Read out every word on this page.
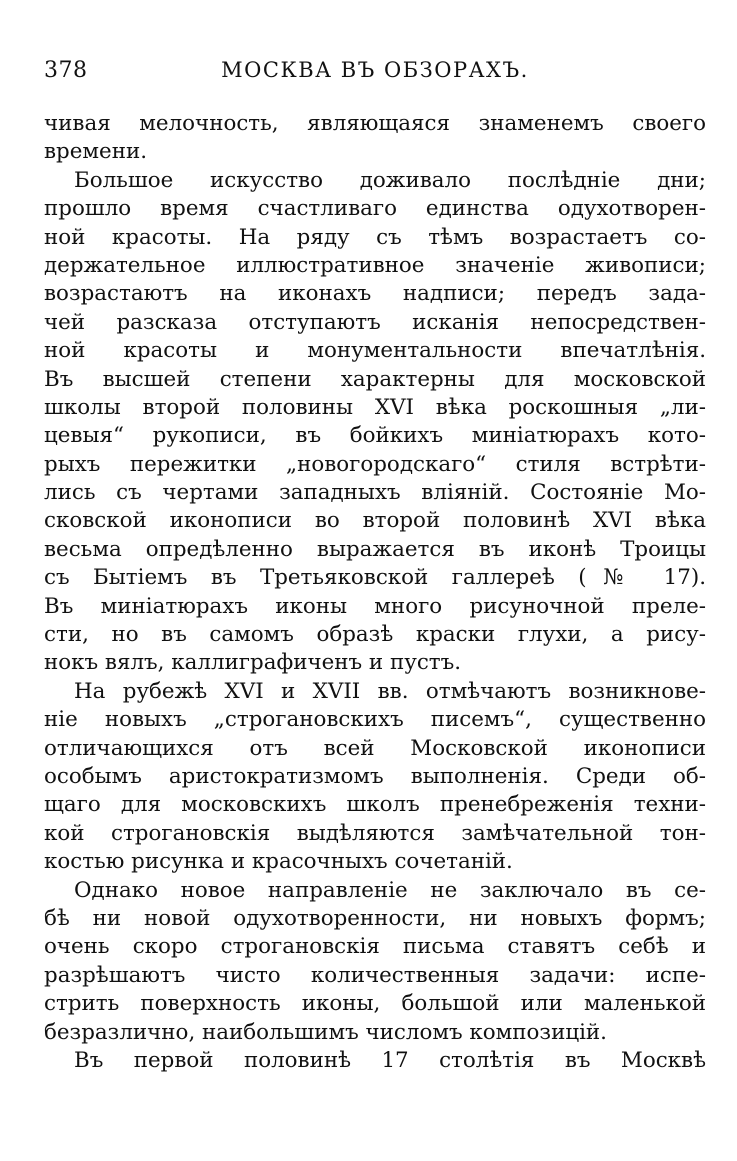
378	МОСКВА ВЪ ОБЗОРАХЪ.
чивая мелочность, являющаяся знаменемъ своего
времени.
Большое искусство доживало послѣдніе дни;
прошло время счастливаго единства одухотворен-
ной красоты. На ряду съ тѣмъ возрастаетъ со-
держательное иллюстративное значеніе живописи;
возрастаютъ на иконахъ надписи; передъ зада-
чей разсказа отступаютъ исканія непосредствен-
ной красоты и монументальности впечатлѣнія.
Въ высшей степени характерны для московской
школы второй половины XVI вѣка роскошныя „ли-
цевыя“ рукописи, въ бойкихъ миніатюрахъ кото-
рыхъ пережитки „новогородскаго“ стиля встрѣти-
лись съ чертами западныхъ вліяній. Состояніе Мо-
сковской иконописи во второй половинѣ XVI вѣка
весьма опредѣленно выражается въ иконѣ Троицы
съ Бытіемъ въ Третьяковской галлереѣ (№ 17).
Въ миніатюрахъ иконы много рисуночной преле-
сти, но въ самомъ образѣ краски глухи, а рису-
нокъ вялъ, каллиграфиченъ и пустъ.
На рубежѣ XVI и XVII вв. отмѣчаютъ возникнове-
ніе новыхъ „строгановскихъ писемъ“, существенно
отличающихся отъ всей Московской иконописи
особымъ аристократизмомъ выполненія. Среди об-
щаго для московскихъ школъ пренебреженія техни-
кой строгановскія выдѣляются замѣчательной тон-
костью рисунка и красочныхъ сочетаній.
Однако новое направленіе не заключало въ се-
бѣ ни новой одухотворенности, ни новыхъ формъ;
очень скоро строгановскія письма ставятъ себѣ и
разрѣшаютъ чисто количественныя задачи: испе-
стрить поверхность иконы, большой или маленькой
безразлично, наибольшимъ числомъ композицій.
Въ первой половинѣ 17 столѣтія въ Москвѣ
